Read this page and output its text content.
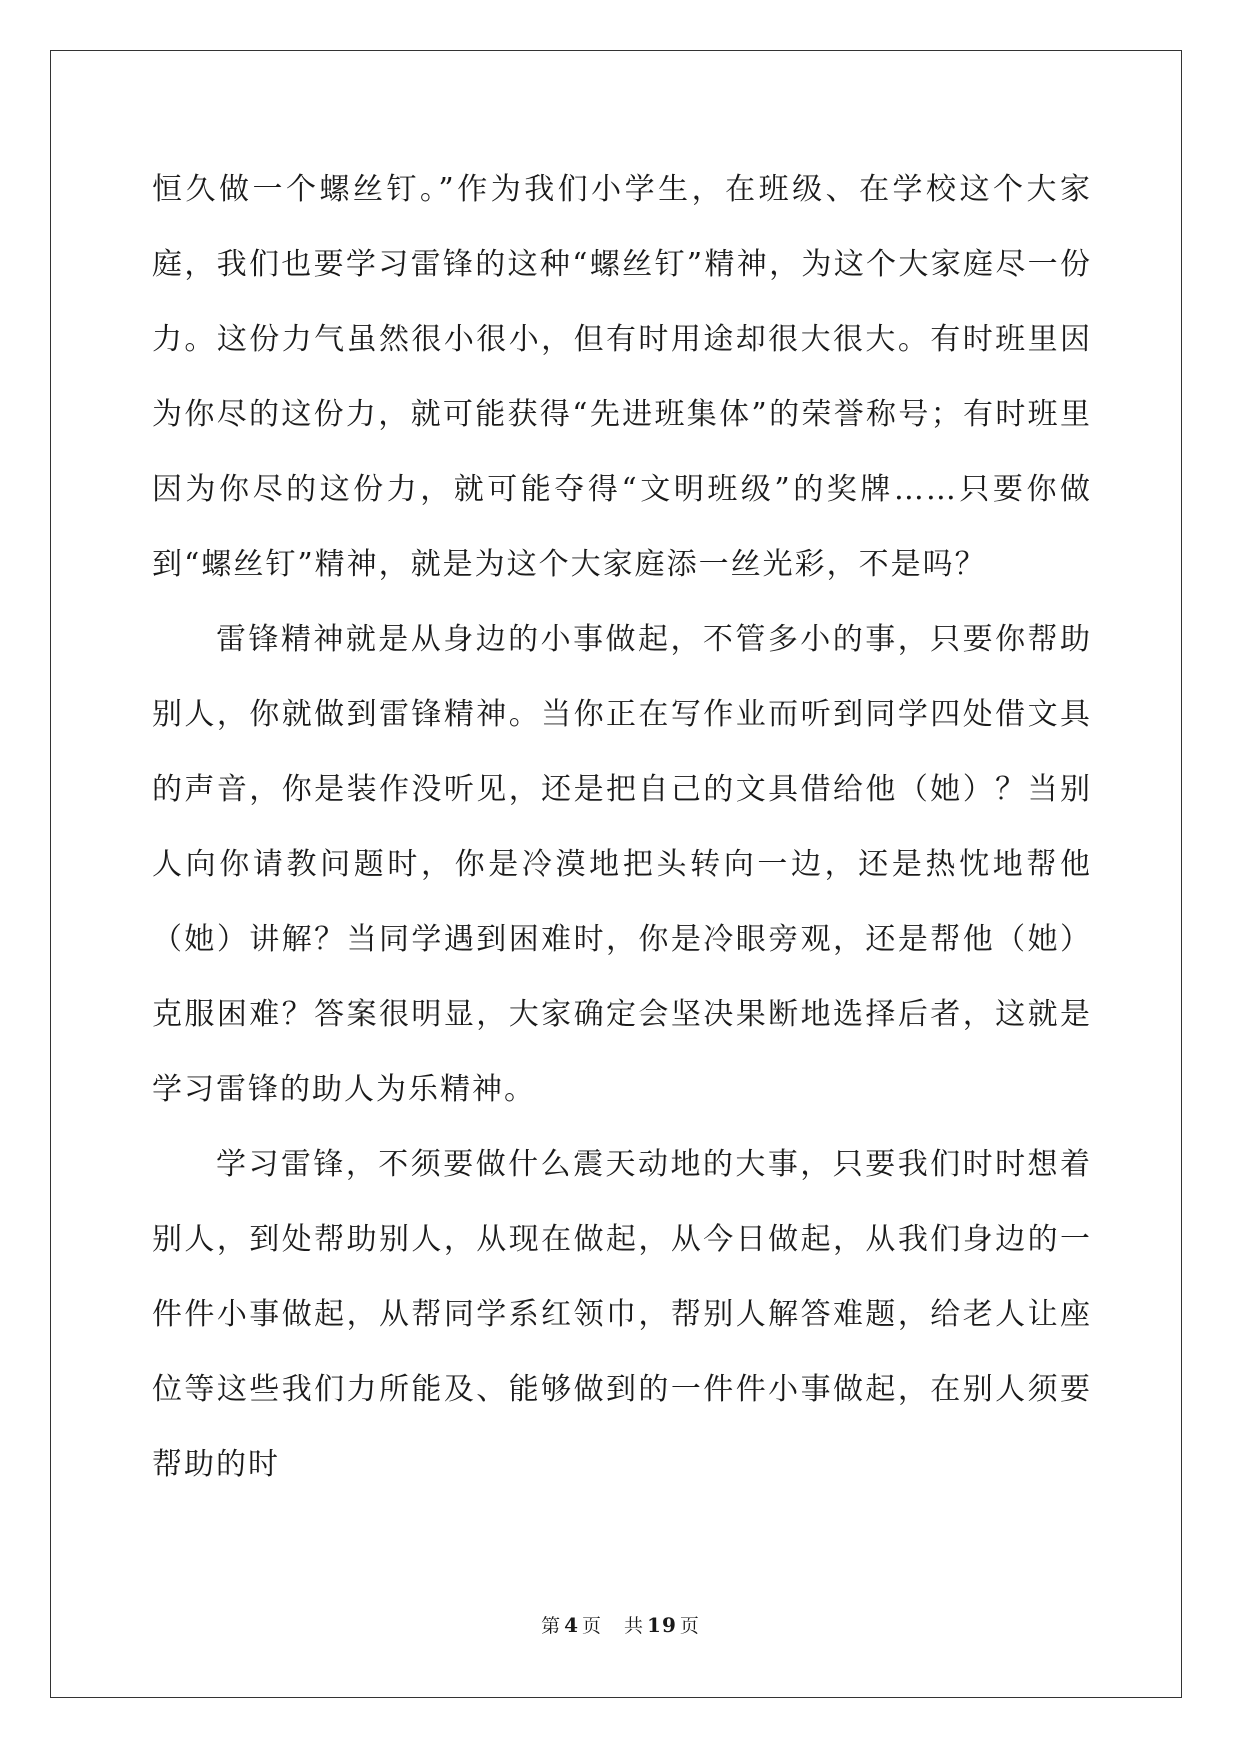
恒久做一个螺丝钉。”作为我们小学生，在班级、在学校这个大家庭，我们也要学习雷锋的这种“螺丝钉”精神，为这个大家庭尽一份力。这份力气虽然很小很小，但有时用途却很大很大。有时班里因为你尽的这份力，就可能获得“先进班集体”的荣誉称号；有时班里因为你尽的这份力，就可能夺得“文明班级”的奖牌……只要你做到“螺丝钉”精神，就是为这个大家庭添一丝光彩，不是吗？

雷锋精神就是从身边的小事做起，不管多小的事，只要你帮助别人，你就做到雷锋精神。当你正在写作业而听到同学四处借文具的声音，你是装作没听见，还是把自己的文具借给他（她）？当别人向你请教问题时，你是冷漠地把头转向一边，还是热忱地帮他（她）讲解？当同学遇到困难时，你是冷眼旁观，还是帮他（她）克服困难？答案很明显，大家确定会坚决果断地选择后者，这就是学习雷锋的助人为乐精神。

学习雷锋，不须要做什么震天动地的大事，只要我们时时想着别人，到处帮助别人，从现在做起，从今日做起，从我们身边的一件件小事做起，从帮同学系红领巾，帮别人解答难题，给老人让座位等这些我们力所能及、能够做到的一件件小事做起，在别人须要帮助的时

第 4 页 共 19 页
